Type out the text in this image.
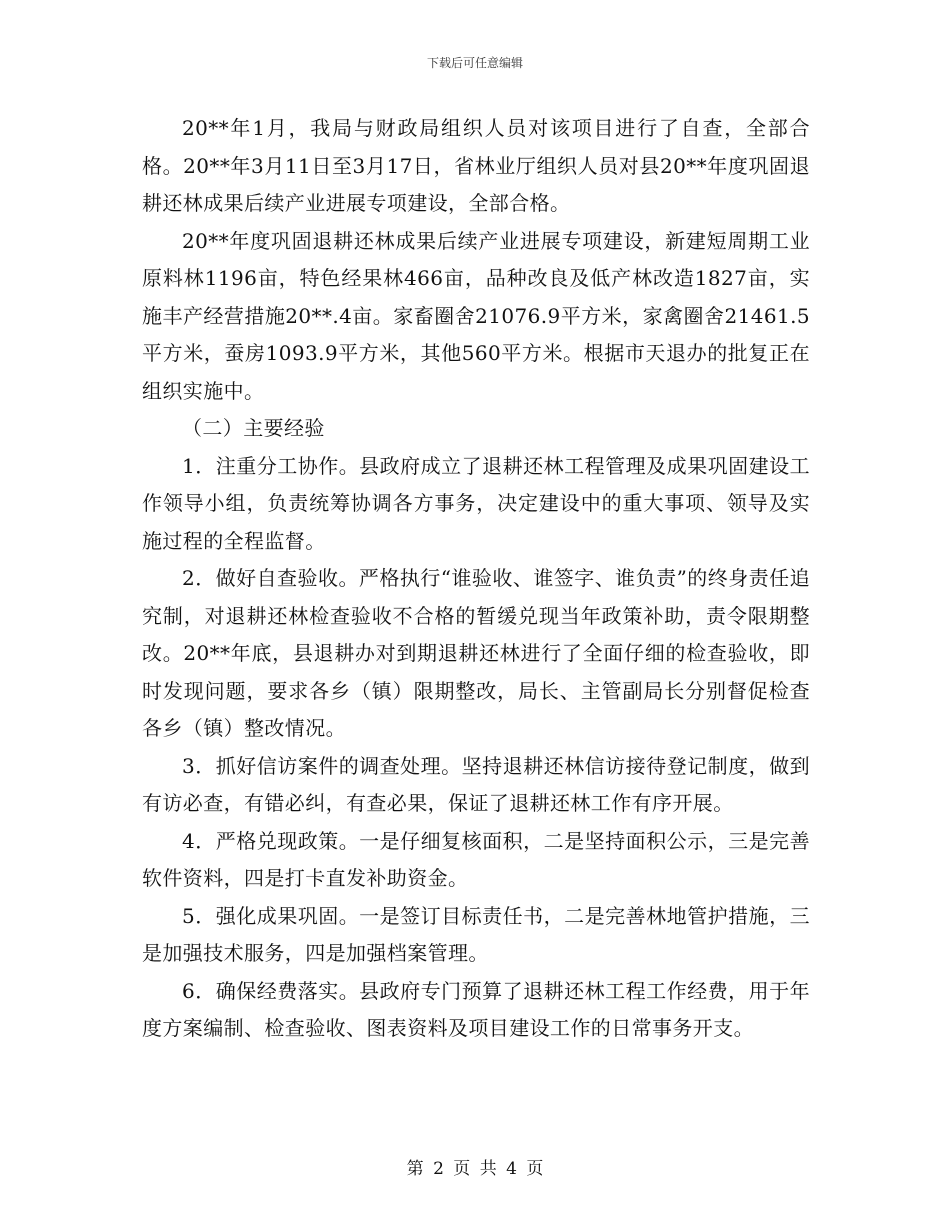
下载后可任意编辑

20**年1月，我局与财政局组织人员对该项目进行了自查，全部合格。20**年3月11日至3月17日，省林业厅组织人员对县20**年度巩固退耕还林成果后续产业进展专项建设，全部合格。

20**年度巩固退耕还林成果后续产业进展专项建设，新建短周期工业原料林1196亩，特色经果林466亩，品种改良及低产林改造1827亩，实施丰产经营措施20**.4亩。家畜圈舍21076.9平方米，家禽圈舍21461.5平方米，蚕房1093.9平方米，其他560平方米。根据市天退办的批复正在组织实施中。

（二）主要经验

1．注重分工协作。县政府成立了退耕还林工程管理及成果巩固建设工作领导小组，负责统筹协调各方事务，决定建设中的重大事项、领导及实施过程的全程监督。

2．做好自查验收。严格执行“谁验收、谁签字、谁负责”的终身责任追究制，对退耕还林检查验收不合格的暂缓兑现当年政策补助，责令限期整改。20**年底，县退耕办对到期退耕还林进行了全面仔细的检查验收，即时发现问题，要求各乡（镇）限期整改，局长、主管副局长分别督促检查各乡（镇）整改情况。

3．抓好信访案件的调查处理。坚持退耕还林信访接待登记制度，做到有访必查，有错必纠，有查必果，保证了退耕还林工作有序开展。

4．严格兑现政策。一是仔细复核面积，二是坚持面积公示，三是完善软件资料，四是打卡直发补助资金。

5．强化成果巩固。一是签订目标责任书，二是完善林地管护措施，三是加强技术服务，四是加强档案管理。

6．确保经费落实。县政府专门预算了退耕还林工程工作经费，用于年度方案编制、检查验收、图表资料及项目建设工作的日常事务开支。

第 2 页 共 4 页
